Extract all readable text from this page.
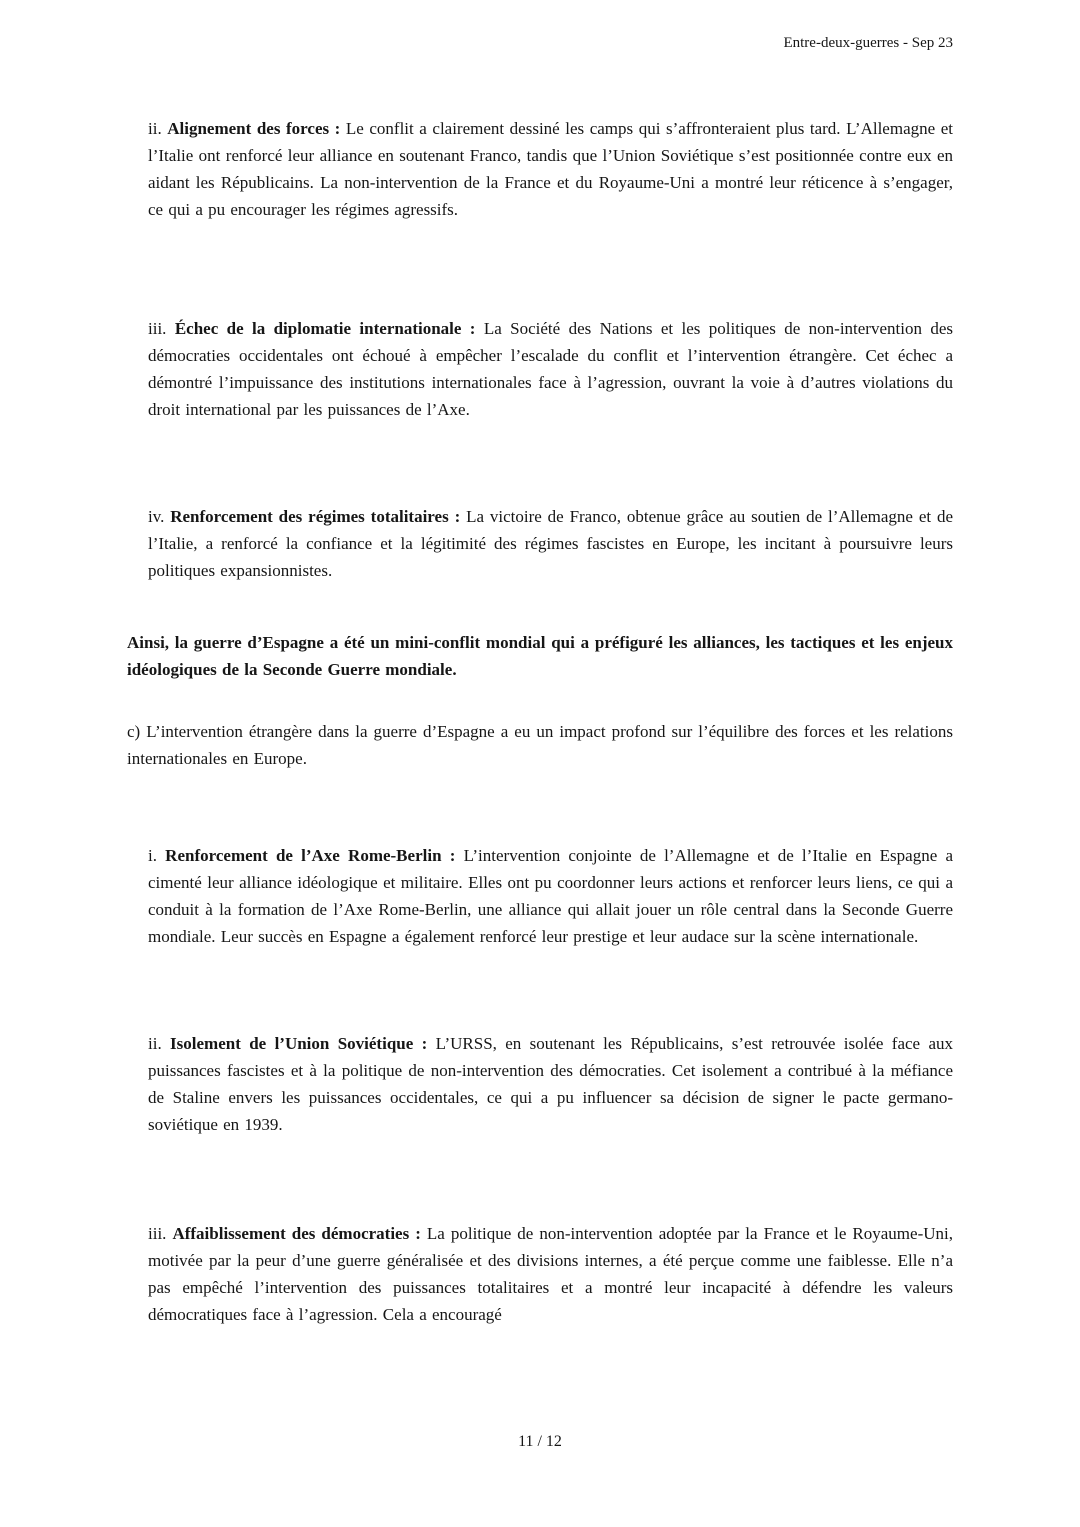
Entre-deux-guerres - Sep 23

ii. Alignement des forces : Le conflit a clairement dessiné les camps qui s’affronteraient plus tard. L’Allemagne et l’Italie ont renforcé leur alliance en soutenant Franco, tandis que l’Union Soviétique s’est positionnée contre eux en aidant les Républicains. La non-intervention de la France et du Royaume-Uni a montré leur réticence à s’engager, ce qui a pu encourager les régimes agressifs.

iii. Échec de la diplomatie internationale : La Société des Nations et les politiques de non-intervention des démocraties occidentales ont échoué à empêcher l’escalade du conflit et l’intervention étrangère. Cet échec a démontré l’impuissance des institutions internationales face à l’agression, ouvrant la voie à d’autres violations du droit international par les puissances de l’Axe.

iv. Renforcement des régimes totalitaires : La victoire de Franco, obtenue grâce au soutien de l’Allemagne et de l’Italie, a renforcé la confiance et la légitimité des régimes fascistes en Europe, les incitant à poursuivre leurs politiques expansionnistes.

Ainsi, la guerre d’Espagne a été un mini-conflit mondial qui a préfiguré les alliances, les tactiques et les enjeux idéologiques de la Seconde Guerre mondiale.

c) L’intervention étrangère dans la guerre d’Espagne a eu un impact profond sur l’équilibre des forces et les relations internationales en Europe.

i. Renforcement de l’Axe Rome-Berlin : L’intervention conjointe de l’Allemagne et de l’Italie en Espagne a cimenté leur alliance idéologique et militaire. Elles ont pu coordonner leurs actions et renforcer leurs liens, ce qui a conduit à la formation de l’Axe Rome-Berlin, une alliance qui allait jouer un rôle central dans la Seconde Guerre mondiale. Leur succès en Espagne a également renforcé leur prestige et leur audace sur la scène internationale.

ii. Isolement de l’Union Soviétique : L’URSS, en soutenant les Républicains, s’est retrouvée isolée face aux puissances fascistes et à la politique de non-intervention des démocraties. Cet isolement a contribué à la méfiance de Staline envers les puissances occidentales, ce qui a pu influencer sa décision de signer le pacte germano-soviétique en 1939.

iii. Affaiblissement des démocraties : La politique de non-intervention adoptée par la France et le Royaume-Uni, motivée par la peur d’une guerre généralisée et des divisions internes, a été perçue comme une faiblesse. Elle n’a pas empêché l’intervention des puissances totalitaires et a montré leur incapacité à défendre les valeurs démocratiques face à l’agression. Cela a encouragé

11 / 12
